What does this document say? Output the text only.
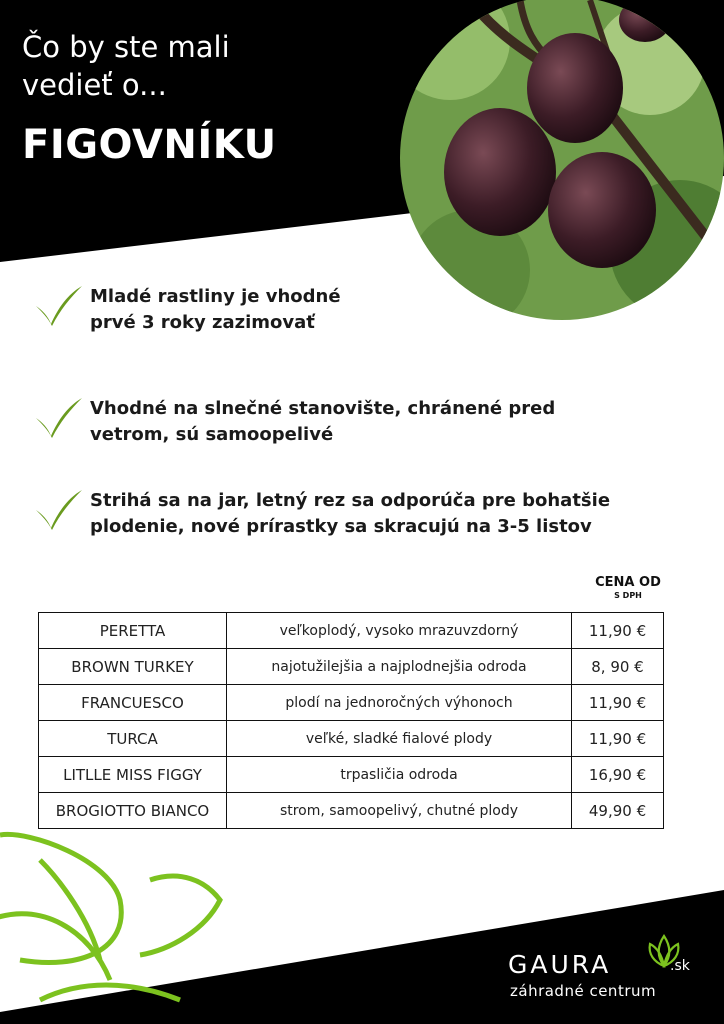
Čo by ste mali
vedieť o...
FIGOVNÍKU
Mladé rastliny je vhodné
prvé 3 roky zazimovať
Vhodné na slnečné stanovište, chránené pred
vetrom, sú samoopelivé
Strihá sa na jar, letný rez sa odporúča pre bohatšie
plodenie, nové prírastky sa skracujú na 3-5 listov
CENA OD
S DPH
PERETTA	veľkoplodý, vysoko mrazuvzdorný	11,90 €
BROWN TURKEY	najotužilejšia a najplodnejšia odroda	8, 90 €
FRANCUESCO	plodí na jednoročných výhonoch	11,90 €
TURCA	veľké, sladké fialové plody	11,90 €
LITLLE MISS FIGGY	trpasličia odroda	16,90 €
BROGIOTTO BIANCO	strom, samoopelivý, chutné plody	49,90 €
GAURA	.sk
záhradné centrum
